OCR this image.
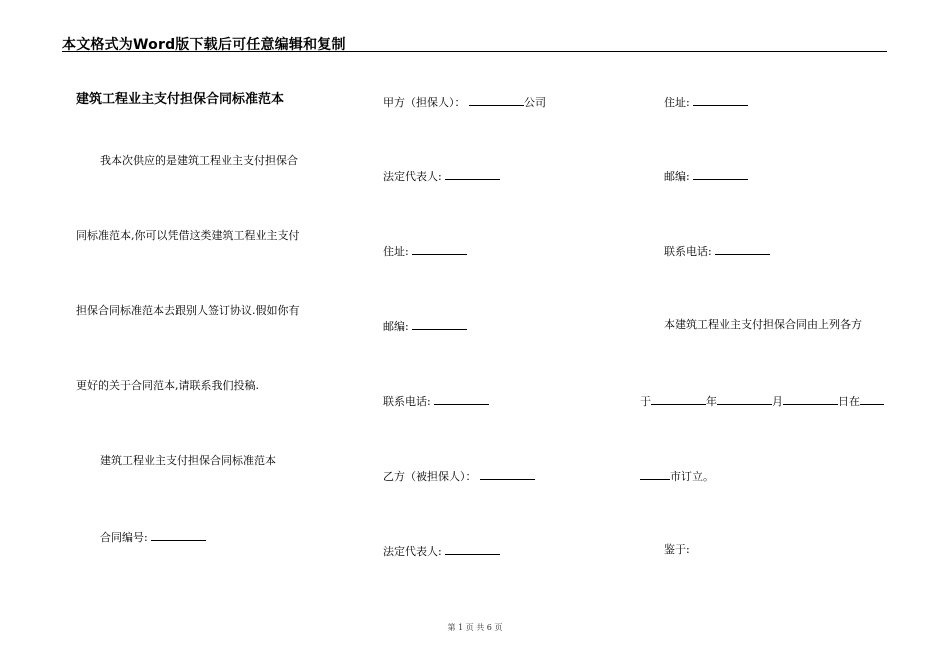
本文格式为Word版下载后可任意编辑和复制
建筑工程业主支付担保合同标准范本
我本次供应的是建筑工程业主支付担保合
同标准范本,你可以凭借这类建筑工程业主支付
担保合同标准范本去跟别人签订协议.假如你有
更好的关于合同范本,请联系我们投稿.
建筑工程业主支付担保合同标准范本
合同编号:
甲方（担保人）：	公司
法定代表人:
住址:
邮编:
联系电话:
乙方（被担保人）：
法定代表人:
住址:
邮编:
联系电话:
本建筑工程业主支付担保合同由上列各方
于	年	月	日在
市订立。
鉴于:
第 1 页 共 6 页
